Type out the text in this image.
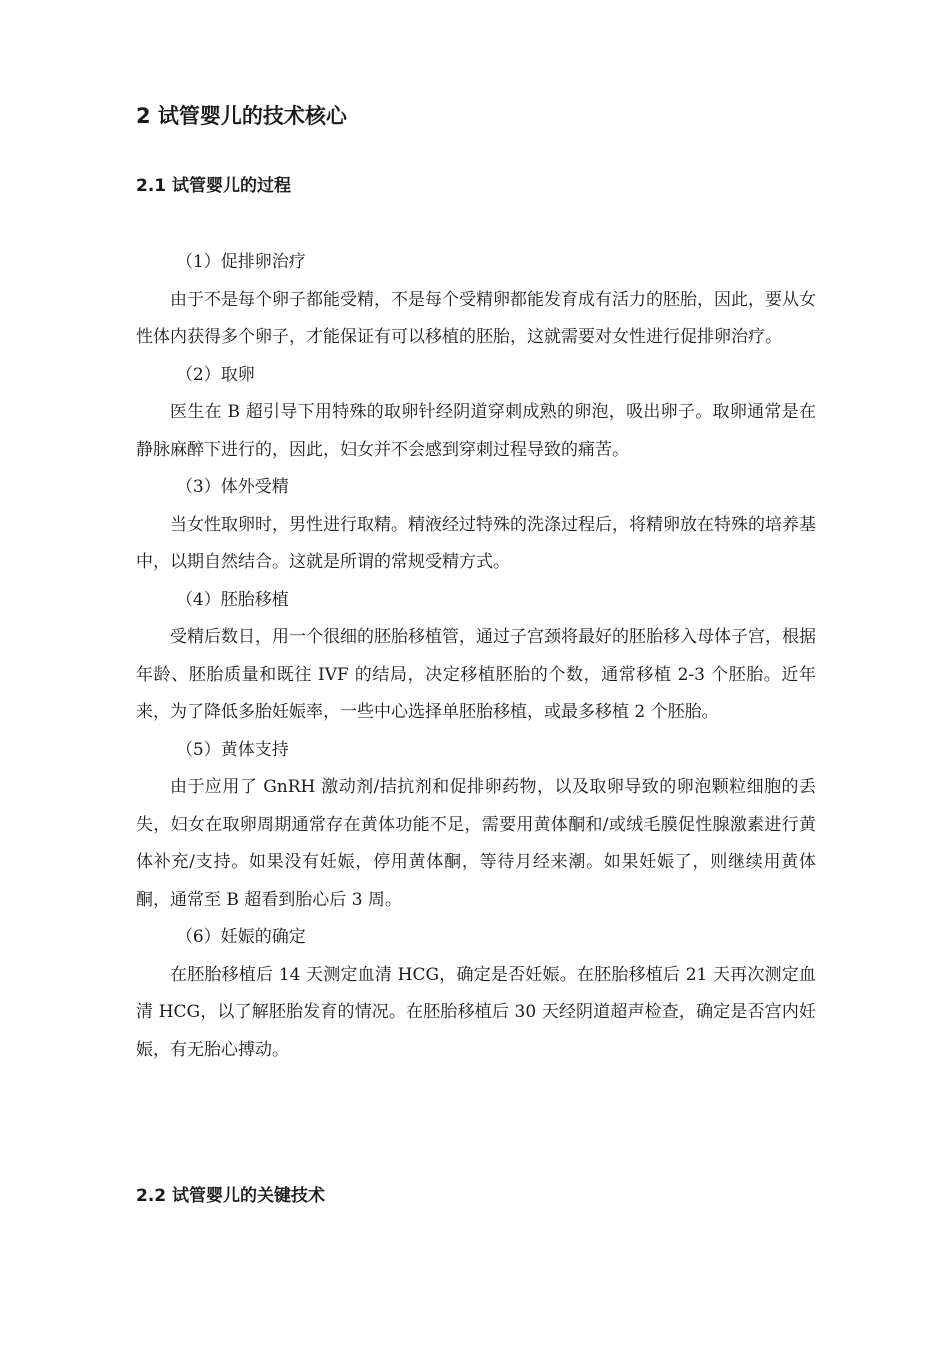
2 试管婴儿的技术核心
2.1 试管婴儿的过程

（1）促排卵治疗

由于不是每个卵子都能受精，不是每个受精卵都能发育成有活力的胚胎，因此，要从女性体内获得多个卵子，才能保证有可以移植的胚胎，这就需要对女性进行促排卵治疗。

（2）取卵

医生在 B 超引导下用特殊的取卵针经阴道穿刺成熟的卵泡，吸出卵子。取卵通常是在静脉麻醉下进行的，因此，妇女并不会感到穿刺过程导致的痛苦。

（3）体外受精

当女性取卵时，男性进行取精。精液经过特殊的洗涤过程后，将精卵放在特殊的培养基中，以期自然结合。这就是所谓的常规受精方式。

（4）胚胎移植

受精后数日，用一个很细的胚胎移植管，通过子宫颈将最好的胚胎移入母体子宫，根据年龄、胚胎质量和既往 IVF 的结局，决定移植胚胎的个数，通常移植 2-3 个胚胎。近年来，为了降低多胎妊娠率，一些中心选择单胚胎移植，或最多移植 2 个胚胎。

（5）黄体支持

由于应用了 GnRH 激动剂/拮抗剂和促排卵药物，以及取卵导致的卵泡颗粒细胞的丢失，妇女在取卵周期通常存在黄体功能不足，需要用黄体酮和/或绒毛膜促性腺激素进行黄体补充/支持。如果没有妊娠，停用黄体酮，等待月经来潮。如果妊娠了，则继续用黄体酮，通常至 B 超看到胎心后 3 周。

（6）妊娠的确定

在胚胎移植后 14 天测定血清 HCG，确定是否妊娠。在胚胎移植后 21 天再次测定血清 HCG，以了解胚胎发育的情况。在胚胎移植后 30 天经阴道超声检查，确定是否宫内妊娠，有无胎心搏动。

2.2 试管婴儿的关键技术
